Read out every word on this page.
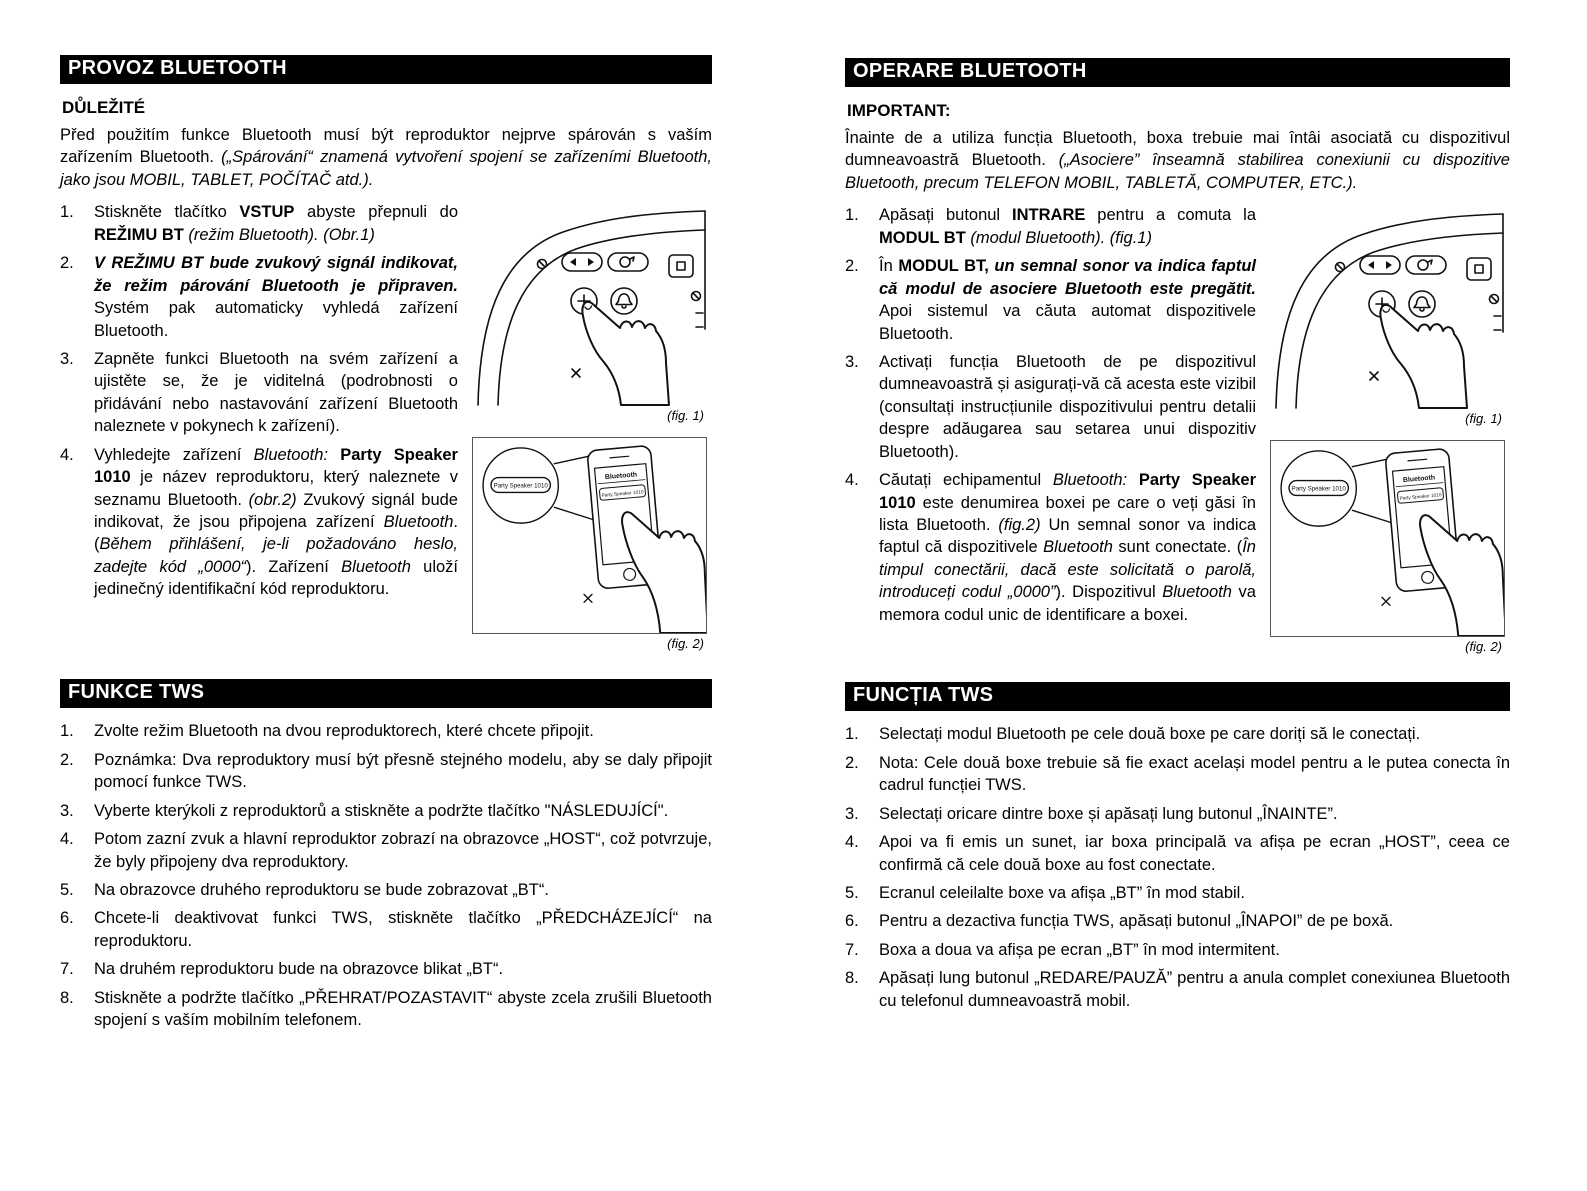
PROVOZ BLUETOOTH
DŮLEŽITÉ

Před použitím funkce Bluetooth musí být reproduktor nejprve spárován s vaším zařízením Bluetooth. („Spárování“ znamená vytvoření spojení se zařízeními Bluetooth, jako jsou MOBIL, TABLET, POČÍTAČ atd.).

1.	Stiskněte tlačítko VSTUP abyste přepnuli do REŽIMU BT (režim Bluetooth). (Obr.1)
2.	V REŽIMU BT bude zvukový signál indikovat, že režim párování Bluetooth je připraven. Systém pak automaticky vyhledá zařízení Bluetooth.
3.	Zapněte funkci Bluetooth na svém zařízení a ujistěte se, že je viditelná (podrobnosti o přidávání nebo nastavování zařízení Bluetooth naleznete v pokynech k zařízení).
4.	Vyhledejte zařízení Bluetooth: Party Speaker 1010 je název reproduktoru, který naleznete v seznamu Bluetooth. (obr.2) Zvukový signál bude indikovat, že jsou připojena zařízení Bluetooth. (Během přihlášení, je-li požadováno heslo, zadejte kód „0000“). Zařízení Bluetooth uloží jedinečný identifikační kód reproduktoru.
(fig. 1)
Party Speaker 1010
Bluetooth
Party Speaker 1010
(fig. 2)
FUNKCE TWS
1.	Zvolte režim Bluetooth na dvou reproduktorech, které chcete připojit.
2.	Poznámka: Dva reproduktory musí být přesně stejného modelu, aby se daly připojit pomocí funkce TWS.
3.	Vyberte kterýkoli z reproduktorů a stiskněte a podržte tlačítko "NÁSLEDUJÍCÍ".
4.	Potom zazní zvuk a hlavní reproduktor zobrazí na obrazovce „HOST“, což potvrzuje, že byly připojeny dva reproduktory.
5.	Na obrazovce druhého reproduktoru se bude zobrazovat „BT“.
6.	Chcete-li deaktivovat funkci TWS, stiskněte tlačítko „PŘEDCHÁZEJÍCÍ“ na reproduktoru.
7.	Na druhém reproduktoru bude na obrazovce blikat „BT“.
8.	Stiskněte a podržte tlačítko „PŘEHRAT/POZASTAVIT“ abyste zcela zrušili Bluetooth spojení s vaším mobilním telefonem.
OPERARE BLUETOOTH
IMPORTANT:

Înainte de a utiliza funcția Bluetooth, boxa trebuie mai întâi asociată cu dispozitivul dumneavoastră Bluetooth. („Asociere” înseamnă stabilirea conexiunii cu dispozitive Bluetooth, precum TELEFON MOBIL, TABLETĂ, COMPUTER, ETC.).

1.	Apăsați butonul INTRARE pentru a comuta la MODUL BT (modul Bluetooth). (fig.1)
2.	În MODUL BT, un semnal sonor va indica faptul că modul de asociere Bluetooth este pregătit. Apoi sistemul va căuta automat dispozitivele Bluetooth.
3.	Activați funcția Bluetooth de pe dispozitivul dumneavoastră și asigurați-vă că acesta este vizibil (consultați instrucțiunile dispozitivului pentru detalii despre adăugarea sau setarea unui dispozitiv Bluetooth).
4.	Căutați echipamentul Bluetooth: Party Speaker 1010 este denumirea boxei pe care o veți găsi în lista Bluetooth. (fig.2) Un semnal sonor va indica faptul că dispozitivele Bluetooth sunt conectate. (În timpul conectării, dacă este solicitată o parolă, introduceți codul „0000”). Dispozitivul Bluetooth va memora codul unic de identificare a boxei.
(fig. 1)
Party Speaker 1010
Bluetooth
Party Speaker 1010
(fig. 2)
FUNCȚIA TWS
1.	Selectați modul Bluetooth pe cele două boxe pe care doriți să le conectați.
2.	Nota: Cele două boxe trebuie să fie exact același model pentru a le putea conecta în cadrul funcției TWS.
3.	Selectați oricare dintre boxe și apăsați lung butonul „ÎNAINTE”.
4.	Apoi va fi emis un sunet, iar boxa principală va afișa pe ecran „HOST”, ceea ce confirmă că cele două boxe au fost conectate.
5.	Ecranul celeilalte boxe va afișa „BT” în mod stabil.
6.	Pentru a dezactiva funcția TWS, apăsați butonul „ÎNAPOI” de pe boxă.
7.	Boxa a doua va afișa pe ecran „BT” în mod intermitent.
8.	Apăsați lung butonul „REDARE/PAUZĂ” pentru a anula complet conexiunea Bluetooth cu telefonul dumneavoastră mobil.
